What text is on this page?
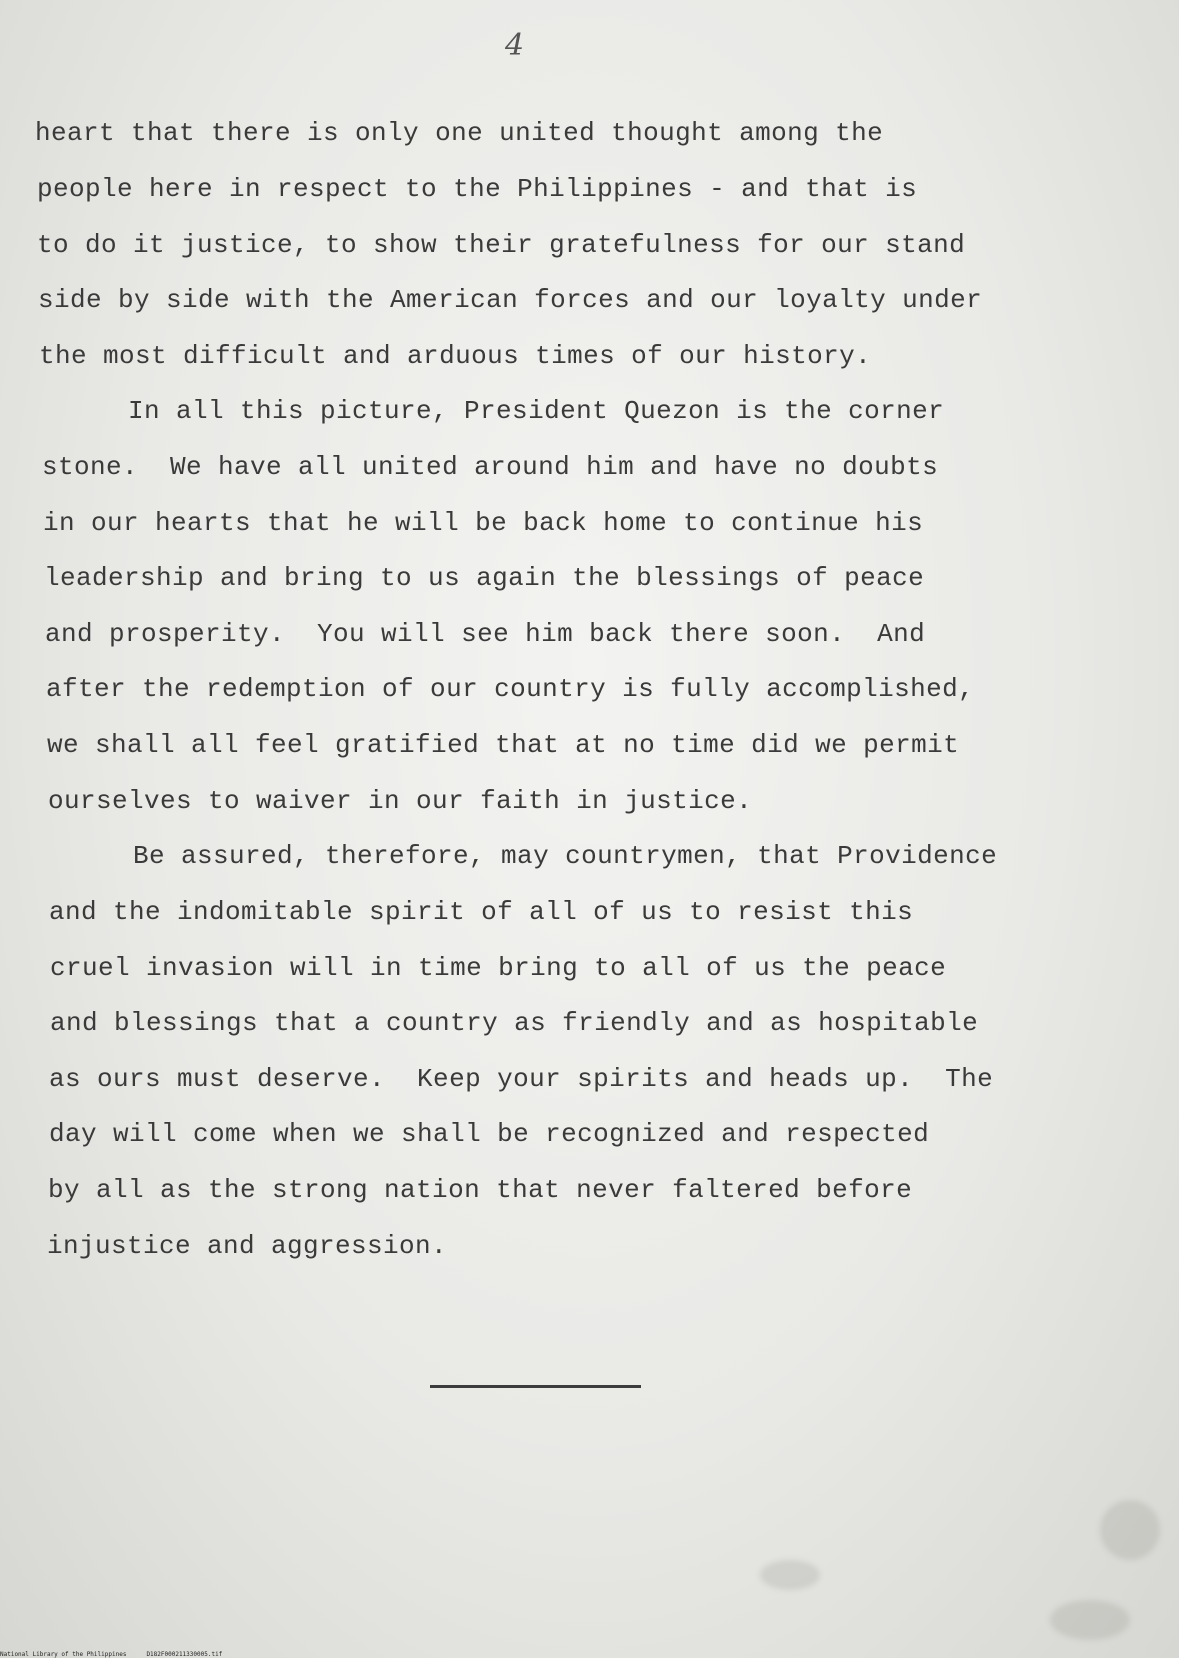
4
heart that there is only one united thought among the
people here in respect to the Philippines - and that is
to do it justice, to show their gratefulness for our stand
side by side with the American forces and our loyalty under
the most difficult and arduous times of our history.
In all this picture, President Quezon is the corner
stone.  We have all united around him and have no doubts
in our hearts that he will be back home to continue his
leadership and bring to us again the blessings of peace
and prosperity.  You will see him back there soon.  And
after the redemption of our country is fully accomplished,
we shall all feel gratified that at no time did we permit
ourselves to waiver in our faith in justice.
Be assured, therefore, may countrymen, that Providence
and the indomitable spirit of all of us to resist this
cruel invasion will in time bring to all of us the peace
and blessings that a country as friendly and as hospitable
as ours must deserve.  Keep your spirits and heads up.  The
day will come when we shall be recognized and respected
by all as the strong nation that never faltered before
injustice and aggression.
National Library of the Philippines	D182F000211330005.tif
